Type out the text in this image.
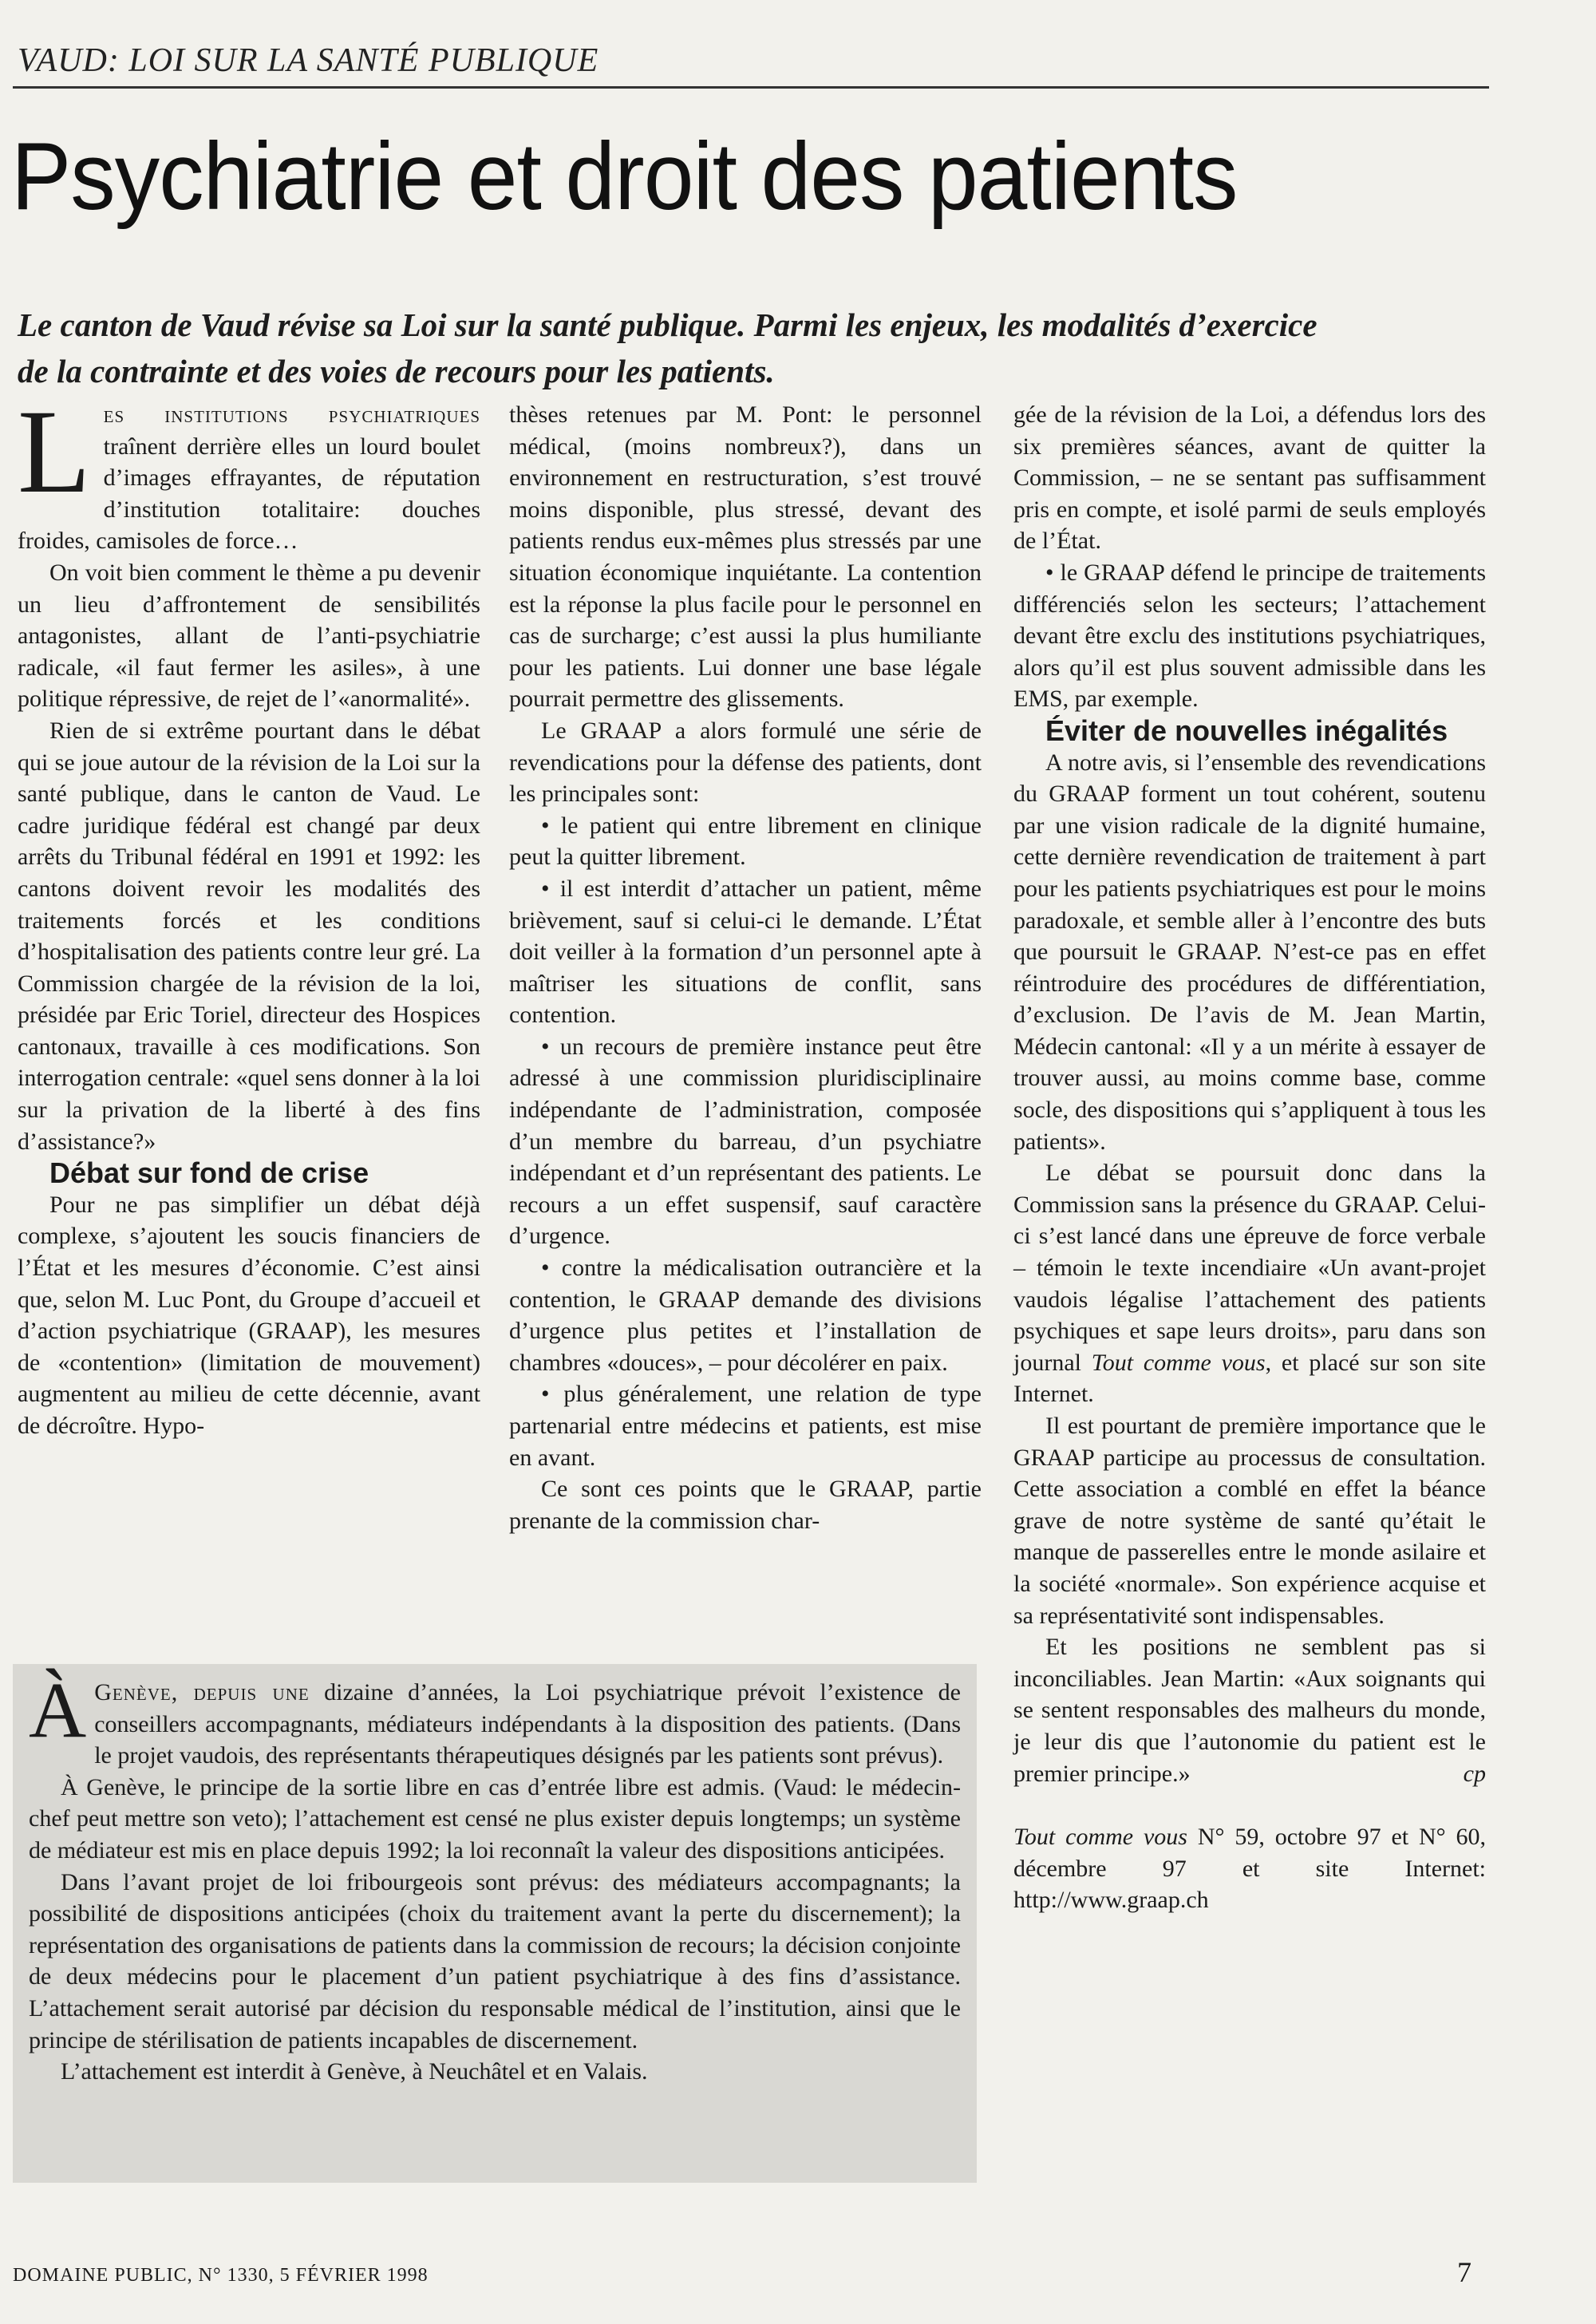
VAUD: LOI SUR LA SANTÉ PUBLIQUE
Psychiatrie et droit des patients

Le canton de Vaud révise sa Loi sur la santé publique. Parmi les enjeux, les modalités d’exercice de la contrainte et des voies de recours pour les patients.

Les institutions psychiatriques traînent derrière elles un lourd boulet d’images effrayantes, de réputation d’institution totalitaire: douches froides, camisoles de force…

On voit bien comment le thème a pu devenir un lieu d’affrontement de sensibilités antagonistes, allant de l’anti-psychiatrie radicale, «il faut fermer les asiles», à une politique répressive, de rejet de l’«anormalité».

Rien de si extrême pourtant dans le débat qui se joue autour de la révision de la Loi sur la santé publique, dans le canton de Vaud. Le cadre juridique fédéral est changé par deux arrêts du Tribunal fédéral en 1991 et 1992: les cantons doivent revoir les modalités des traitements forcés et les conditions d’hospitalisation des patients contre leur gré. La Commission chargée de la révision de la loi, présidée par Eric Toriel, directeur des Hospices cantonaux, travaille à ces modifications. Son interrogation centrale: «quel sens donner à la loi sur la privation de la liberté à des fins d’assistance?»

Débat sur fond de crise

Pour ne pas simplifier un débat déjà complexe, s’ajoutent les soucis financiers de l’État et les mesures d’économie. C’est ainsi que, selon M. Luc Pont, du Groupe d’accueil et d’action psychiatrique (GRAAP), les mesures de «contention» (limitation de mouvement) augmentent au milieu de cette décennie, avant de décroître. Hypo-

thèses retenues par M. Pont: le personnel médical, (moins nombreux?), dans un environnement en restructuration, s’est trouvé moins disponible, plus stressé, devant des patients rendus eux-mêmes plus stressés par une situation économique inquiétante. La contention est la réponse la plus facile pour le personnel en cas de surcharge; c’est aussi la plus humiliante pour les patients. Lui donner une base légale pourrait permettre des glissements.

Le GRAAP a alors formulé une série de revendications pour la défense des patients, dont les principales sont:

• le patient qui entre librement en clinique peut la quitter librement.

• il est interdit d’attacher un patient, même brièvement, sauf si celui-ci le demande. L’État doit veiller à la formation d’un personnel apte à maîtriser les situations de conflit, sans contention.

• un recours de première instance peut être adressé à une commission pluridisciplinaire indépendante de l’administration, composée d’un membre du barreau, d’un psychiatre indépendant et d’un représentant des patients. Le recours a un effet suspensif, sauf caractère d’urgence.

• contre la médicalisation outrancière et la contention, le GRAAP demande des divisions d’urgence plus petites et l’installation de chambres «douces», – pour décolérer en paix.

• plus généralement, une relation de type partenarial entre médecins et patients, est mise en avant.

Ce sont ces points que le GRAAP, partie prenante de la commission char-

gée de la révision de la Loi, a défendus lors des six premières séances, avant de quitter la Commission, – ne se sentant pas suffisamment pris en compte, et isolé parmi de seuls employés de l’État.

• le GRAAP défend le principe de traitements différenciés selon les secteurs; l’attachement devant être exclu des institutions psychiatriques, alors qu’il est plus souvent admissible dans les EMS, par exemple.

Éviter de nouvelles inégalités

A notre avis, si l’ensemble des revendications du GRAAP forment un tout cohérent, soutenu par une vision radicale de la dignité humaine, cette dernière revendication de traitement à part pour les patients psychiatriques est pour le moins paradoxale, et semble aller à l’encontre des buts que poursuit le GRAAP. N’est-ce pas en effet réintroduire des procédures de différentiation, d’exclusion. De l’avis de M. Jean Martin, Médecin cantonal: «Il y a un mérite à essayer de trouver aussi, au moins comme base, comme socle, des dispositions qui s’appliquent à tous les patients».

Le débat se poursuit donc dans la Commission sans la présence du GRAAP. Celui-ci s’est lancé dans une épreuve de force verbale – témoin le texte incendiaire «Un avant-projet vaudois légalise l’attachement des patients psychiques et sape leurs droits», paru dans son journal Tout comme vous, et placé sur son site Internet.

Il est pourtant de première importance que le GRAAP participe au processus de consultation. Cette association a comblé en effet la béance grave de notre système de santé qu’était le manque de passerelles entre le monde asilaire et la société «normale». Son expérience acquise et sa représentativité sont indispensables.

Et les positions ne semblent pas si inconciliables. Jean Martin: «Aux soignants qui se sentent responsables des malheurs du monde, je leur dis que l’autonomie du patient est le premier principe.»	cp

Tout comme vous N° 59, octobre 97 et N° 60, décembre 97 et site Internet: http://www.graap.ch

À Genève, depuis une dizaine d’années, la Loi psychiatrique prévoit l’existence de conseillers accompagnants, médiateurs indépendants à la disposition des patients. (Dans le projet vaudois, des représentants thérapeutiques désignés par les patients sont prévus).

À Genève, le principe de la sortie libre en cas d’entrée libre est admis. (Vaud: le médecin-chef peut mettre son veto); l’attachement est censé ne plus exister depuis longtemps; un système de médiateur est mis en place depuis 1992; la loi reconnaît la valeur des dispositions anticipées.

Dans l’avant projet de loi fribourgeois sont prévus: des médiateurs accompagnants; la possibilité de dispositions anticipées (choix du traitement avant la perte du discernement); la représentation des organisations de patients dans la commission de recours; la décision conjointe de deux médecins pour le placement d’un patient psychiatrique à des fins d’assistance. L’attachement serait autorisé par décision du responsable médical de l’institution, ainsi que le principe de stérilisation de patients incapables de discernement.

L’attachement est interdit à Genève, à Neuchâtel et en Valais.

DOMAINE PUBLIC, N° 1330, 5 FÉVRIER 1998	7
